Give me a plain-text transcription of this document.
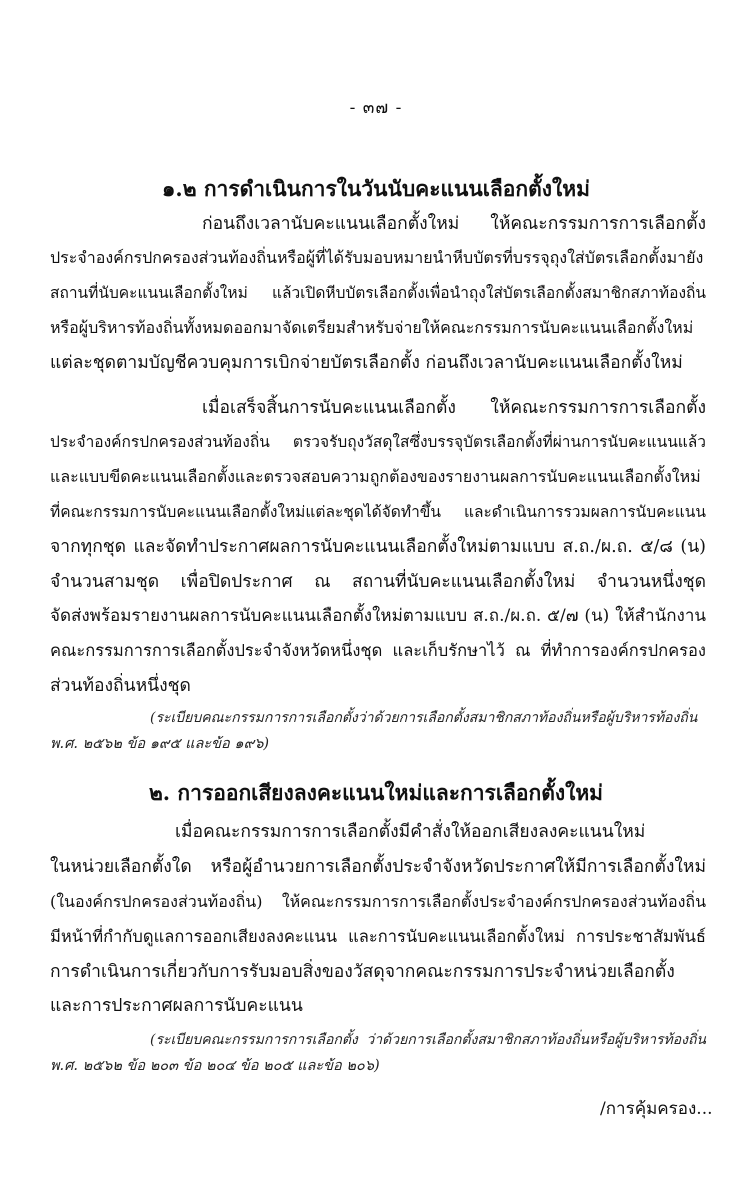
- ๓๗ -
๑.๒ การดำเนินการในวันนับคะแนนเลือกตั้งใหม่
ก่อนถึงเวลานับคะแนนเลือกตั้งใหม่ ให้คณะกรรมการการเลือกตั้ง
ประจำองค์กรปกครองส่วนท้องถิ่นหรือผู้ที่ได้รับมอบหมายนำหีบบัตรที่บรรจุถุงใส่บัตรเลือกตั้งมายัง
สถานที่นับคะแนนเลือกตั้งใหม่ แล้วเปิดหีบบัตรเลือกตั้งเพื่อนำถุงใส่บัตรเลือกตั้งสมาชิกสภาท้องถิ่น
หรือผู้บริหารท้องถิ่นทั้งหมดออกมาจัดเตรียมสำหรับจ่ายให้คณะกรรมการนับคะแนนเลือกตั้งใหม่
แต่ละชุดตามบัญชีควบคุมการเบิกจ่ายบัตรเลือกตั้ง ก่อนถึงเวลานับคะแนนเลือกตั้งใหม่
เมื่อเสร็จสิ้นการนับคะแนนเลือกตั้ง ให้คณะกรรมการการเลือกตั้ง
ประจำองค์กรปกครองส่วนท้องถิ่น ตรวจรับถุงวัสดุใสซึ่งบรรจุบัตรเลือกตั้งที่ผ่านการนับคะแนนแล้ว
และแบบขีดคะแนนเลือกตั้งและตรวจสอบความถูกต้องของรายงานผลการนับคะแนนเลือกตั้งใหม่
ที่คณะกรรมการนับคะแนนเลือกตั้งใหม่แต่ละชุดได้จัดทำขึ้น และดำเนินการรวมผลการนับคะแนน
จากทุกชุด และจัดทำประกาศผลการนับคะแนนเลือกตั้งใหม่ตามแบบ ส.ถ./ผ.ถ. ๕/๘ (น)
จำนวนสามชุด เพื่อปิดประกาศ ณ สถานที่นับคะแนนเลือกตั้งใหม่ จำนวนหนึ่งชุด
จัดส่งพร้อมรายงานผลการนับคะแนนเลือกตั้งใหม่ตามแบบ ส.ถ./ผ.ถ. ๕/๗ (น) ให้สำนักงาน
คณะกรรมการการเลือกตั้งประจำจังหวัดหนึ่งชุด และเก็บรักษาไว้ ณ ที่ทำการองค์กรปกครอง
ส่วนท้องถิ่นหนึ่งชุด
(ระเบียบคณะกรรมการการเลือกตั้งว่าด้วยการเลือกตั้งสมาชิกสภาท้องถิ่นหรือผู้บริหารท้องถิ่น
พ.ศ. ๒๕๖๒ ข้อ ๑๙๕ และข้อ ๑๙๖)
๒. การออกเสียงลงคะแนนใหม่และการเลือกตั้งใหม่
เมื่อคณะกรรมการการเลือกตั้งมีคำสั่งให้ออกเสียงลงคะแนนใหม่
ในหน่วยเลือกตั้งใด หรือผู้อำนวยการเลือกตั้งประจำจังหวัดประกาศให้มีการเลือกตั้งใหม่
(ในองค์กรปกครองส่วนท้องถิ่น) ให้คณะกรรมการการเลือกตั้งประจำองค์กรปกครองส่วนท้องถิ่น
มีหน้าที่กำกับดูแลการออกเสียงลงคะแนน และการนับคะแนนเลือกตั้งใหม่ การประชาสัมพันธ์
การดำเนินการเกี่ยวกับการรับมอบสิ่งของวัสดุจากคณะกรรมการประจำหน่วยเลือกตั้ง
และการประกาศผลการนับคะแนน
(ระเบียบคณะกรรมการการเลือกตั้ง ว่าด้วยการเลือกตั้งสมาชิกสภาท้องถิ่นหรือผู้บริหารท้องถิ่น
พ.ศ. ๒๕๖๒ ข้อ ๒๐๓ ข้อ ๒๐๔ ข้อ ๒๐๕ และข้อ ๒๐๖)
/การคุ้มครอง...
